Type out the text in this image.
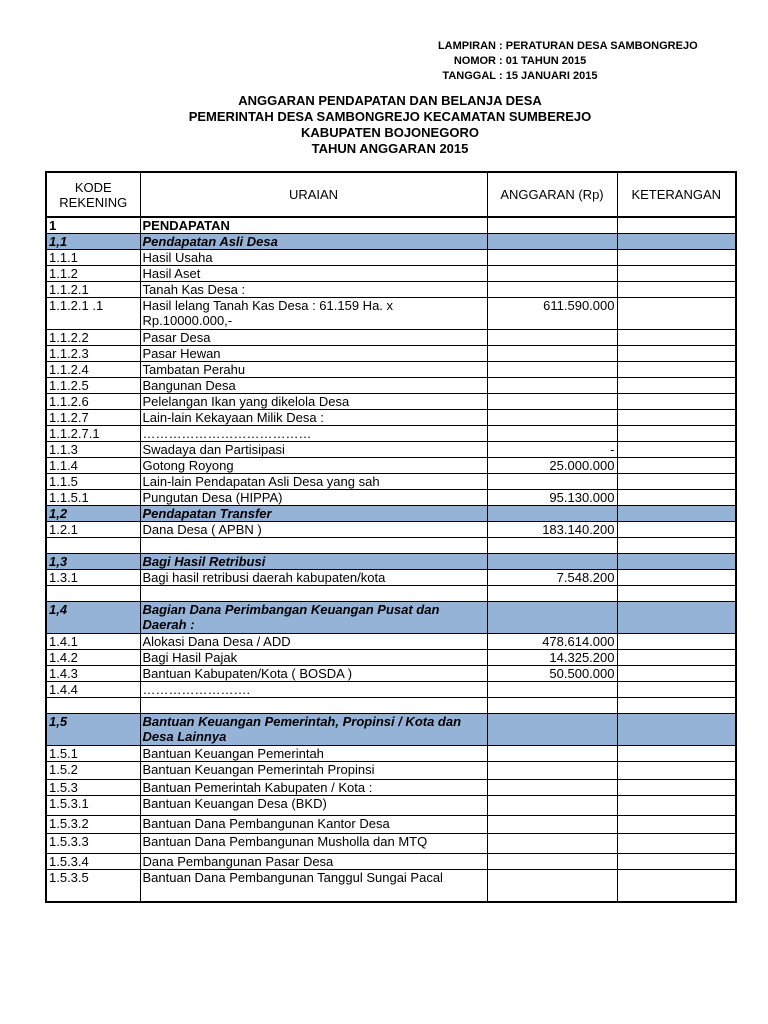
LAMPIRAN : PERATURAN DESA SAMBONGREJO
NOMOR : 01 TAHUN 2015
TANGGAL : 15 JANUARI 2015
ANGGARAN PENDAPATAN DAN BELANJA DESA
PEMERINTAH DESA SAMBONGREJO KECAMATAN SUMBEREJO
KABUPATEN BOJONEGORO
TAHUN ANGGARAN 2015
KODE REKENING	URAIAN	ANGGARAN (Rp)	KETERANGAN
1	PENDAPATAN		
1,1	Pendapatan Asli Desa		
1.1.1	Hasil Usaha		
1.1.2	Hasil Aset		
1.1.2.1	Tanah Kas Desa :		
1.1.2.1 .1	Hasil lelang Tanah Kas Desa : 61.159 Ha. x Rp.10000.000,-	611.590.000	
1.1.2.2	Pasar Desa		
1.1.2.3	Pasar Hewan		
1.1.2.4	Tambatan Perahu		
1.1.2.5	Bangunan Desa		
1.1.2.6	Pelelangan Ikan yang dikelola Desa		
1.1.2.7	Lain-lain Kekayaan Milik Desa :		
1.1.2.7.1	…………………………………		
1.1.3	Swadaya dan Partisipasi	-	
1.1.4	Gotong Royong	25.000.000	
1.1.5	Lain-lain Pendapatan Asli Desa yang sah		
1.1.5.1	Pungutan Desa (HIPPA)	95.130.000	
1,2	Pendapatan Transfer		
1.2.1	Dana Desa ( APBN )	183.140.200	

1,3	Bagi Hasil Retribusi		
1.3.1	Bagi hasil retribusi daerah kabupaten/kota	7.548.200	

1,4	Bagian Dana Perimbangan Keuangan Pusat dan Daerah :		
1.4.1	Alokasi Dana Desa / ADD	478.614.000	
1.4.2	Bagi Hasil Pajak	14.325.200	
1.4.3	Bantuan Kabupaten/Kota ( BOSDA )	50.500.000	
1.4.4	…………………….		

1,5	Bantuan Keuangan Pemerintah, Propinsi / Kota dan Desa Lainnya		
1.5.1	Bantuan Keuangan Pemerintah		
1.5.2	Bantuan Keuangan Pemerintah Propinsi		
1.5.3	Bantuan Pemerintah Kabupaten / Kota :		
1.5.3.1	Bantuan Keuangan Desa (BKD)		
1.5.3.2	Bantuan Dana Pembangunan Kantor Desa		
1.5.3.3	Bantuan Dana Pembangunan Musholla dan MTQ		
1.5.3.4	Dana Pembangunan Pasar Desa		
1.5.3.5	Bantuan Dana Pembangunan Tanggul Sungai Pacal		
